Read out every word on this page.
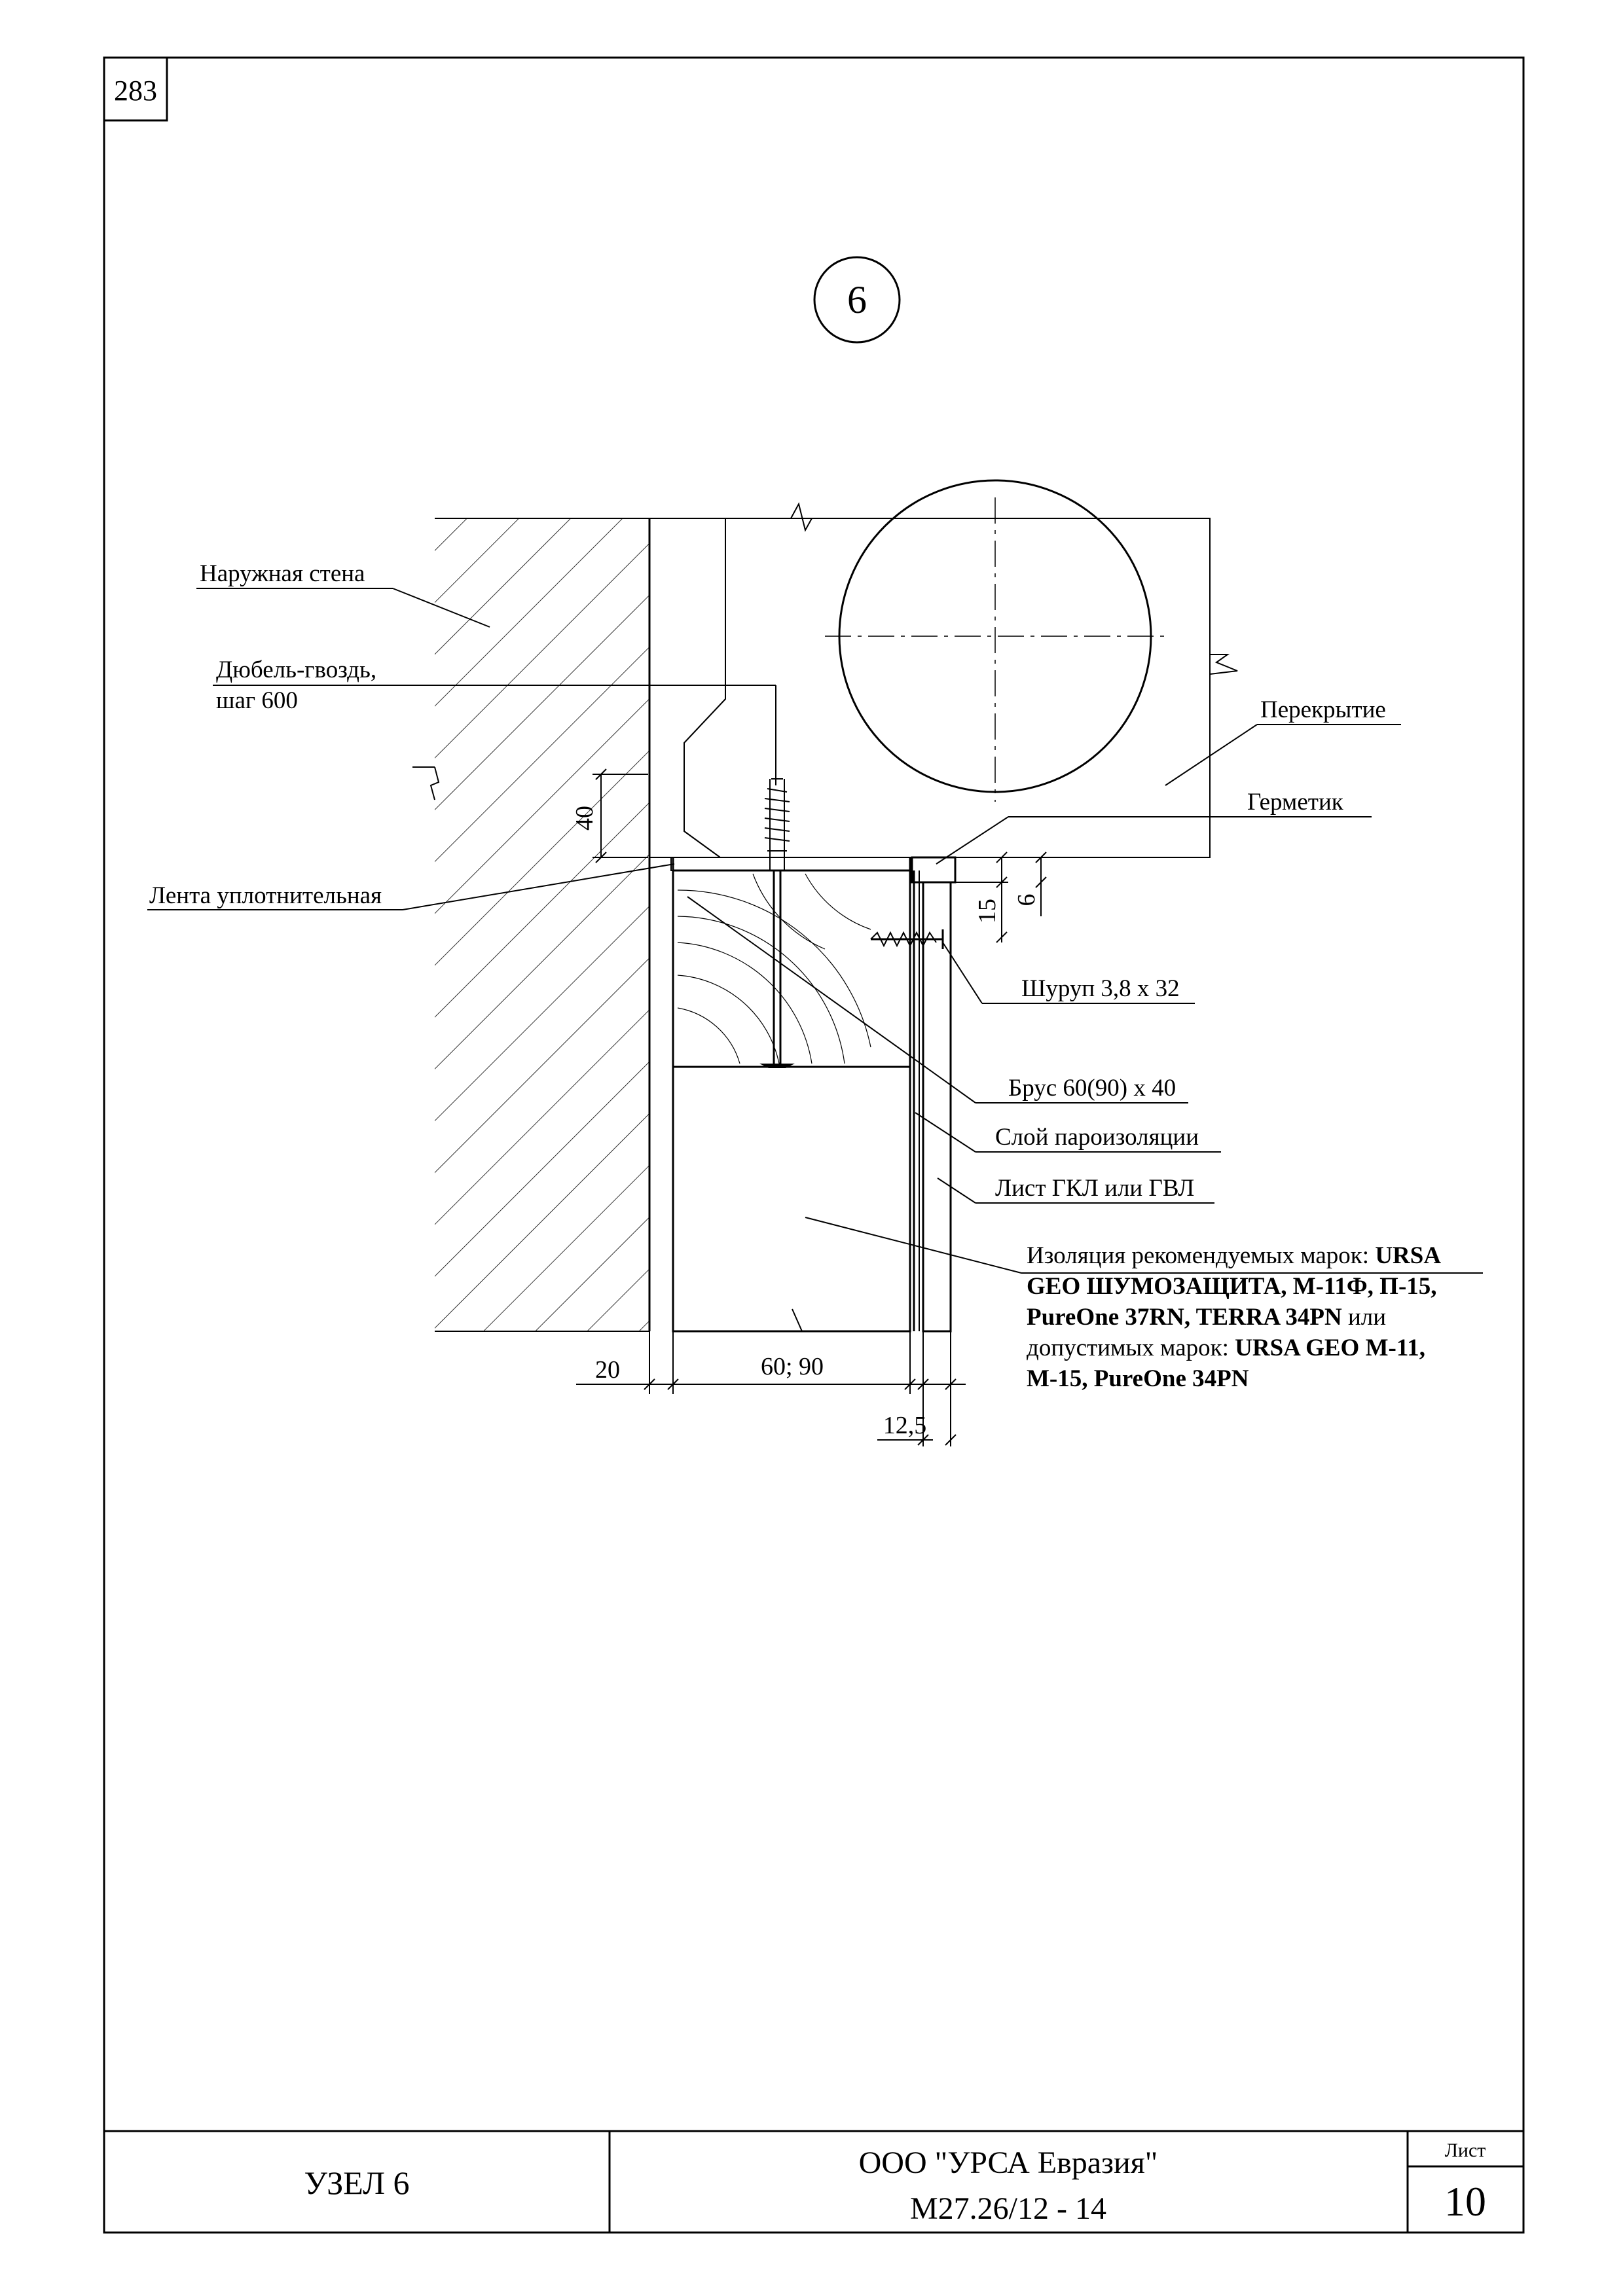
283
6
40
15 6
20	60; 90
12,5
Наружная стена
Дюбель-гвоздь,
шаг 600	Перекрытие
Герметик
Лента уплотнительная
Шуруп 3,8 х 32
Брус 60(90) х 40
Слой пароизоляции
Лист ГКЛ или ГВЛ
Изоляция рекомендуемых марок: URSA
GEO ШУМОЗАЩИТА, М-11Ф, П-15,
PureOne 37RN, TERRA 34PN или
допустимых марок: URSA GEO M-11,
M-15, PureOne 34PN
УЗЕЛ 6
ООО "УРСА Евразия"
М27.26/12 - 14
Лист
10
